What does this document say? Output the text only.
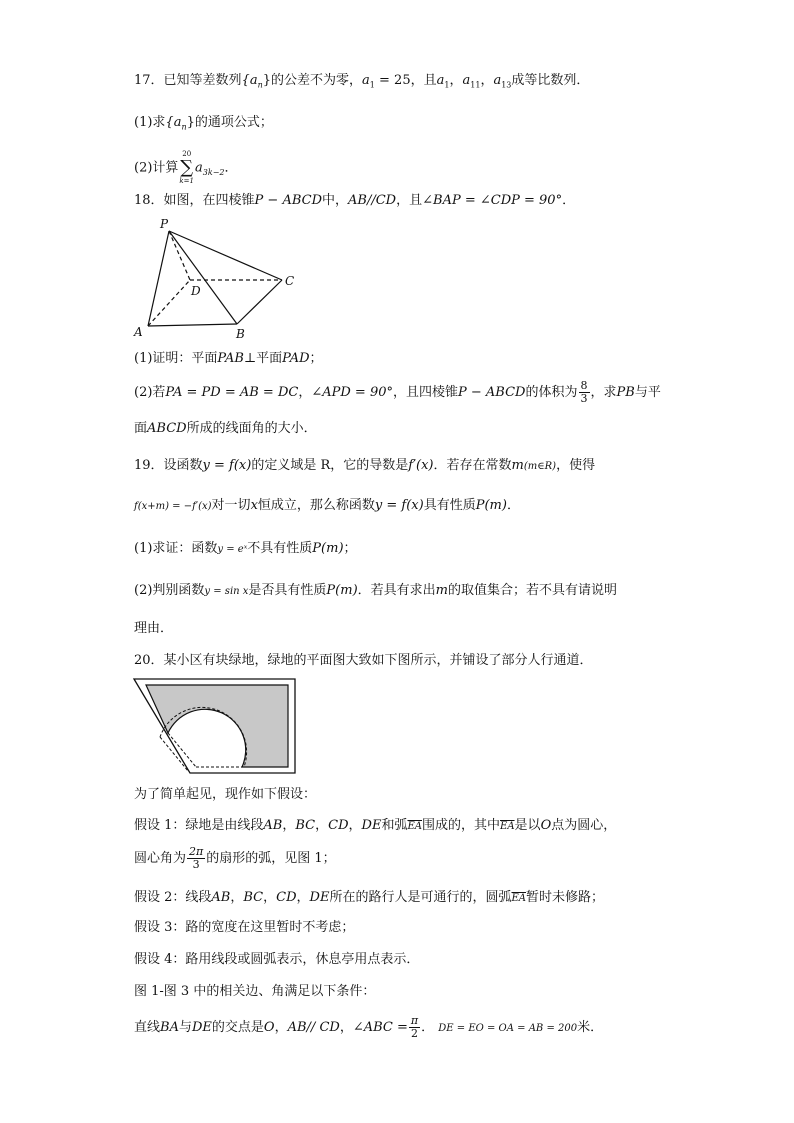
17．已知等差数列$\{a_n\}$的公差不为零，$a_1 = 25$，且$a_1$，$a_{11}$，$a_{13}$成等比数列．
(1)求$\{a_n\}$的通项公式；
(2)计算
20
∑
k=1
$a_{3k-2}$．
18．如图，在四棱锥P − ABCD中，AB//CD，且∠BAP = ∠CDP = 90°．
P
D
C
A	B
(1)证明：平面PAB⊥平面PAD；
(2)若PA = PD = AB = DC，∠APD = 90°，且四棱锥P − ABCD的体积为 $\frac{8}{3}$ ，求PB与平
面ABCD所成的线面角的大小．
19．设函数y = f(x)的定义域是 R，它的导数是f′(x)．若存在常数m(m∈R)，使得
f(x+m) = −f′(x)对一切x恒成立，那么称函数y = f(x)具有性质P(m)．
(1)求证：函数y = eˣ不具有性质P(m)；
(2)判别函数y = sin x是否具有性质P(m)．若具有求出m的取值集合；若不具有请说明
理由．
20．某小区有块绿地，绿地的平面图大致如下图所示，并铺设了部分人行通道．
为了简单起见，现作如下假设：
假设 1：绿地是由线段AB，BC，CD，DE和弧$\overline{EA}$围成的，其中$\overline{EA}$是以O点为圆心，
圆心角为 $\frac{2\pi}{3}$ 的扇形的弧，见图 1；
假设 2：线段AB，BC，CD，DE所在的路行人是可通行的，圆弧$\overline{EA}$暂时未修路；
假设 3：路的宽度在这里暂时不考虑；
假设 4：路用线段或圆弧表示，休息亭用点表示．
图 1-图 3 中的相关边、角满足以下条件：
直线BA与DE的交点是O，AB// CD，∠ABC = $\frac{\pi}{2}$ ． DE = EO = OA = AB = 200米．
